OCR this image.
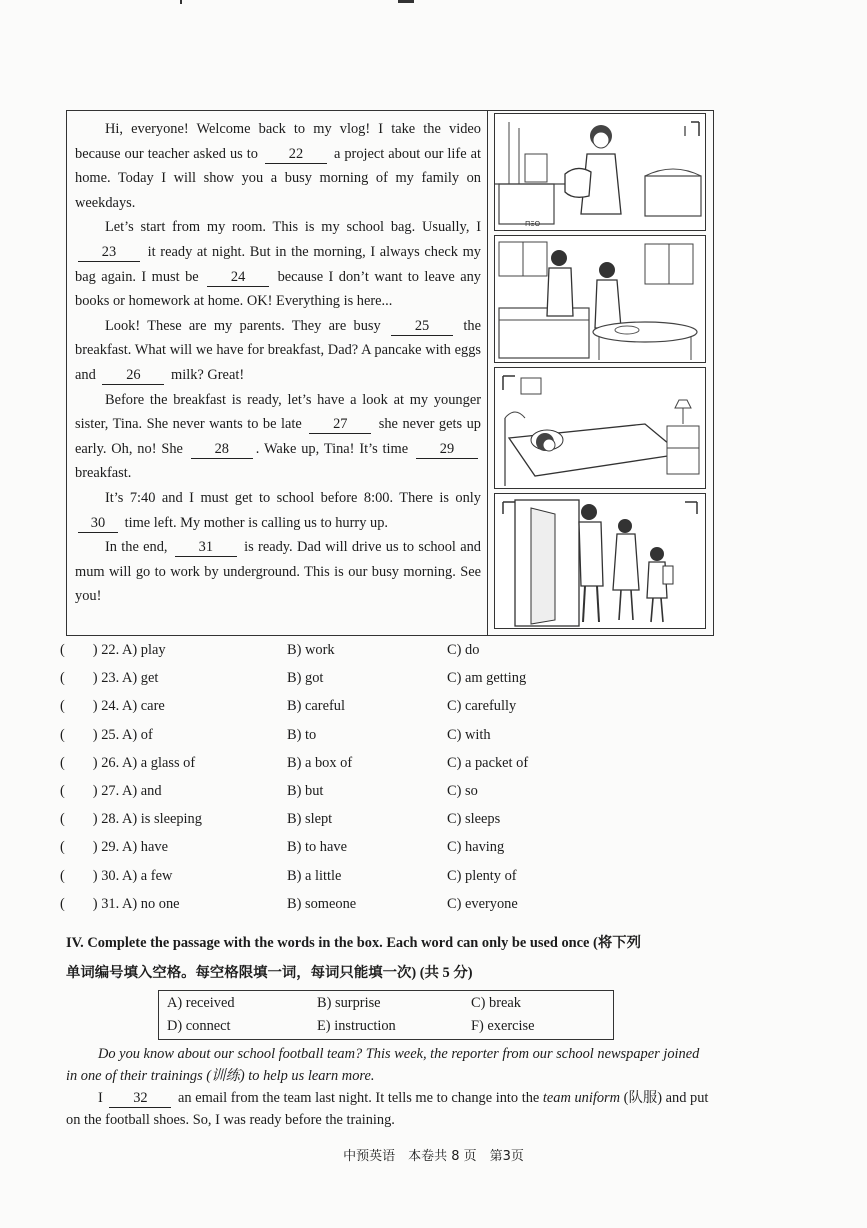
Hi, everyone! Welcome back to my vlog! I take the video because our teacher asked us to 22 a project about our life at home. Today I will show you a busy morning of my family on weekdays.

Let’s start from my room. This is my school bag. Usually, I 23 it ready at night. But in the morning, I always check my bag again. I must be 24 because I don’t want to leave any books or homework at home. OK! Everything is here...

Look! These are my parents. They are busy 25 the breakfast. What will we have for breakfast, Dad? A pancake with eggs and 26 milk? Great!

Before the breakfast is ready, let’s have a look at my younger sister, Tina. She never wants to be late 27 she never gets up early. Oh, no! She 28 . Wake up, Tina! It’s time 29 breakfast.

It’s 7:40 and I must get to school before 8:00. There is only 30 time left. My mother is calling us to hurry up.

In the end, 31 is ready. Dad will drive us to school and mum will go to work by underground. This is our busy morning. See you!

ΠΞΟ
( ) 22. A) play	B) work	C) do
( ) 23. A) get	B) got	C) am getting
( ) 24. A) care	B) careful	C) carefully
( ) 25. A) of	B) to	C) with
( ) 26. A) a glass of	B) a box of	C) a packet of
( ) 27. A) and	B) but	C) so
( ) 28. A) is sleeping	B) slept	C) sleeps
( ) 29. A) have	B) to have	C) having
( ) 30. A) a few	B) a little	C) plenty of
( ) 31. A) no one	B) someone	C) everyone
IV. Complete the passage with the words in the box. Each word can only be used once (将下列
单词编号填入空格。每空格限填一词，每词只能填一次) (共 5 分)
A) received	B) surprise	C) break
D) connect	E) instruction	F) exercise

Do you know about our school football team? This week, the reporter from our school newspaper joined in one of their trainings (训练) to help us learn more.

I 32 an email from the team last night. It tells me to change into the team uniform (队服) and put on the football shoes. So, I was ready before the training.

中预英语　本卷共 8 页　第3页
